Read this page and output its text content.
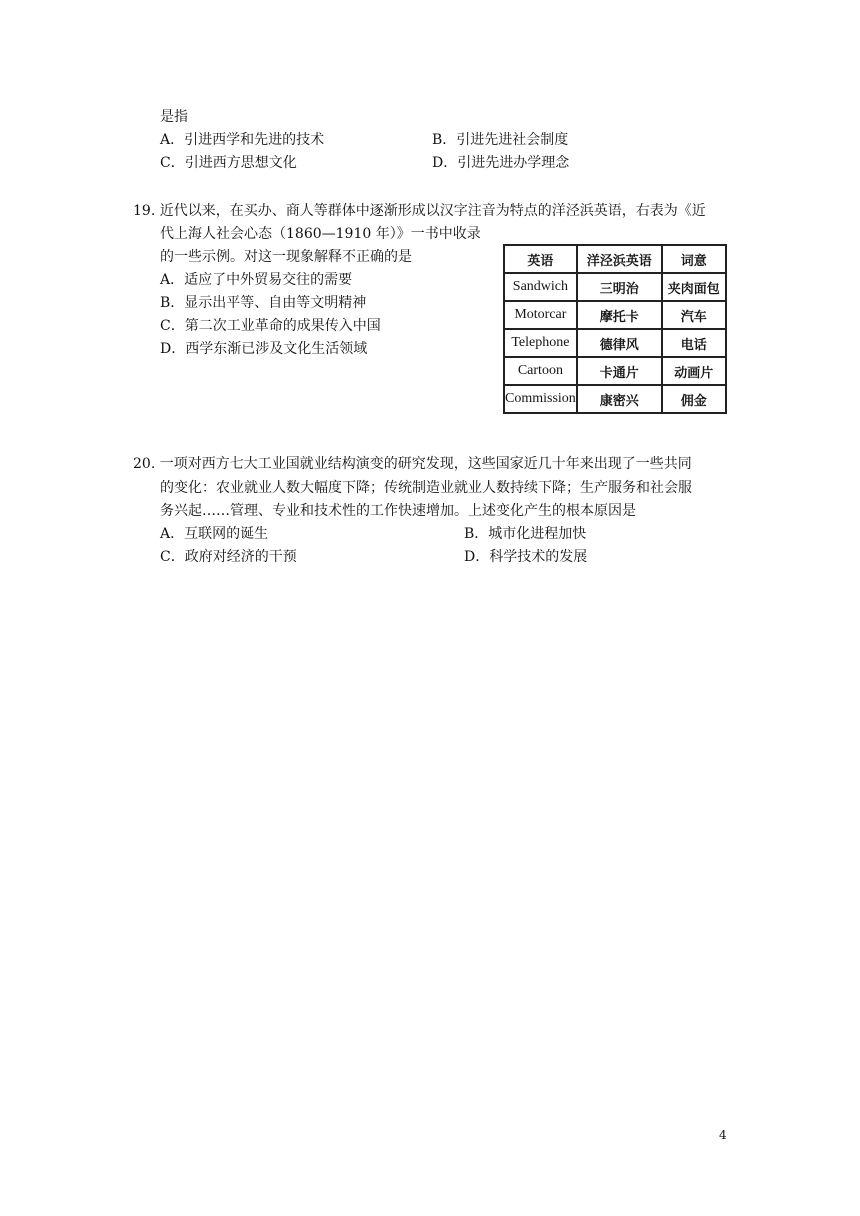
是指
A．引进西学和先进的技术	B．引进先进社会制度
C．引进西方思想文化	D．引进先进办学理念
19. 近代以来，在买办、商人等群体中逐渐形成以汉字注音为特点的洋泾浜英语，右表为《近
代上海人社会心态（1860—1910 年）》一书中收录
的一些示例。对这一现象解释不正确的是
A．适应了中外贸易交往的需要
B．显示出平等、自由等文明精神
C．第二次工业革命的成果传入中国
D．西学东渐已涉及文化生活领域
英语	洋泾浜英语	词意
Sandwich	三明治	夹肉面包
Motorcar	摩托卡	汽车
Telephone	德律风	电话
Cartoon	卡通片	动画片
Commission	康密兴	佣金
20. 一项对西方七大工业国就业结构演变的研究发现，这些国家近几十年来出现了一些共同
的变化：农业就业人数大幅度下降；传统制造业就业人数持续下降；生产服务和社会服
务兴起……管理、专业和技术性的工作快速增加。上述变化产生的根本原因是
A．互联网的诞生	B．城市化进程加快
C．政府对经济的干预	D．科学技术的发展
4
